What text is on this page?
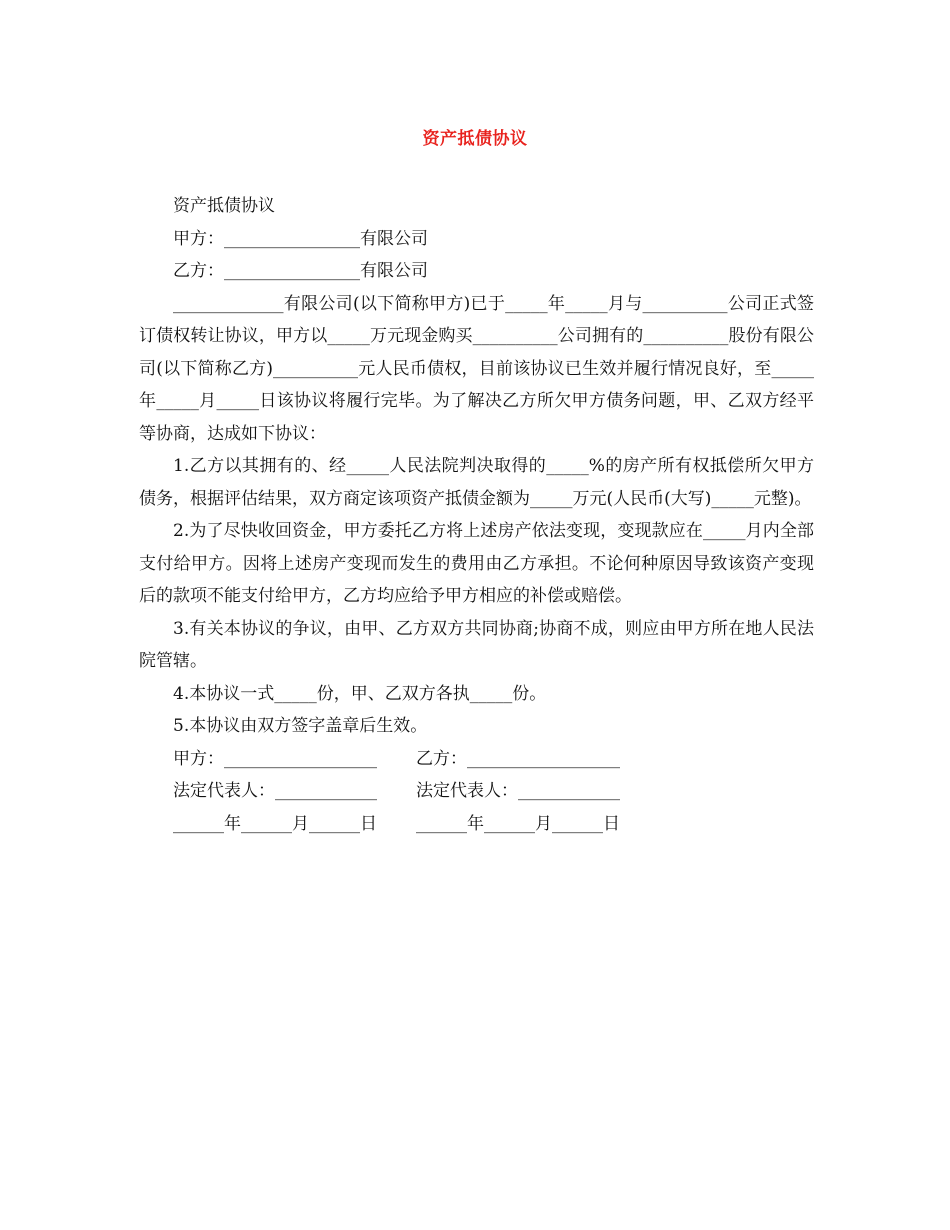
资产抵债协议

资产抵债协议

甲方：________________有限公司

乙方：________________有限公司

_____________有限公司(以下简称甲方)已于_____年_____月与__________公司正式签订债权转让协议，甲方以_____万元现金购买__________公司拥有的__________股份有限公司(以下简称乙方)__________元人民币债权，目前该协议已生效并履行情况良好，至_____年_____月_____日该协议将履行完毕。为了解决乙方所欠甲方债务问题，甲、乙双方经平等协商，达成如下协议：

1.乙方以其拥有的、经_____人民法院判决取得的_____%的房产所有权抵偿所欠甲方债务，根据评估结果，双方商定该项资产抵债金额为_____万元(人民币(大写)_____元整)。

2.为了尽快收回资金，甲方委托乙方将上述房产依法变现，变现款应在_____月内全部支付给甲方。因将上述房产变现而发生的费用由乙方承担。不论何种原因导致该资产变现后的款项不能支付给甲方，乙方均应给予甲方相应的补偿或赔偿。

3.有关本协议的争议，由甲、乙方双方共同协商;协商不成，则应由甲方所在地人民法院管辖。

4.本协议一式_____份，甲、乙双方各执_____份。

5.本协议由双方签字盖章后生效。

甲方：__________________	乙方：__________________
法定代表人：____________	法定代表人：____________
______年______月______日	______年______月______日
